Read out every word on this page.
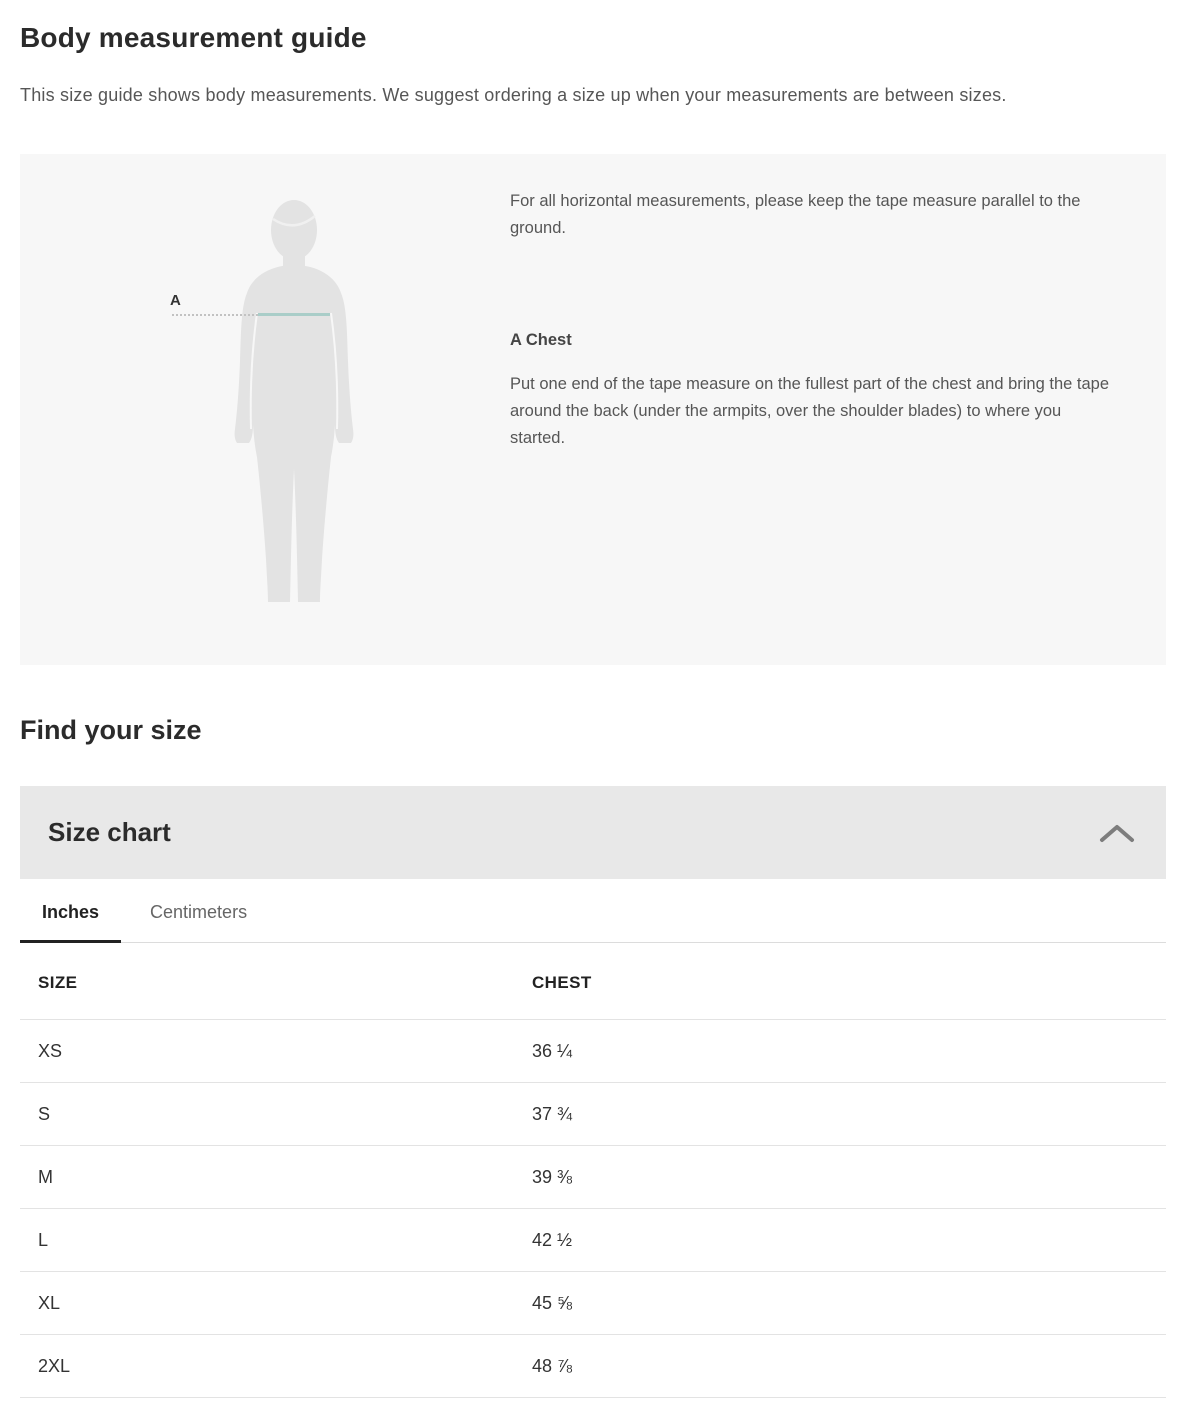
Body measurement guide

This size guide shows body measurements. We suggest ordering a size up when your measurements are between sizes.

A

For all horizontal measurements, please keep the tape measure parallel to the ground.

A Chest

Put one end of the tape measure on the fullest part of the chest and bring the tape around the back (under the armpits, over the shoulder blades) to where you started.

Find your size
Size chart
Inches	Centimeters
SIZE	CHEST
XS	36 ¼
S	37 ¾
M	39 ⅜
L	42 ½
XL	45 ⅝
2XL	48 ⅞
